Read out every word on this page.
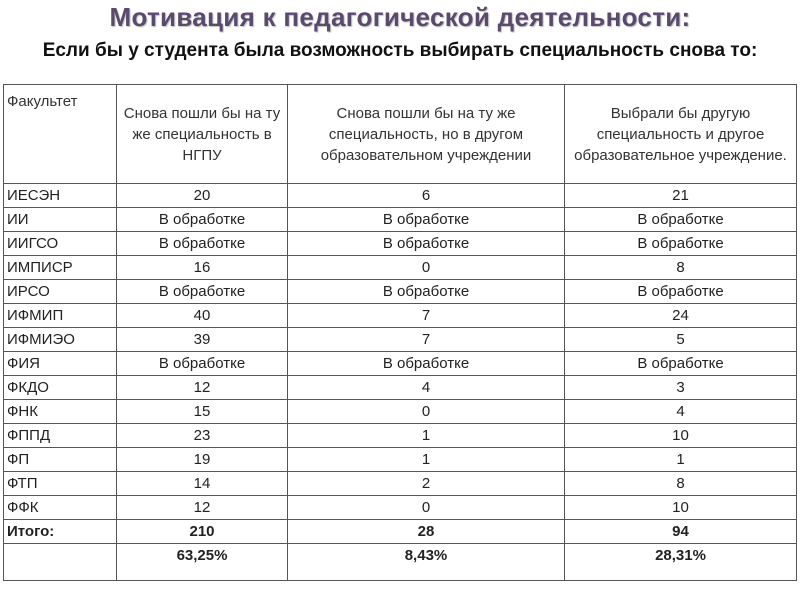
Мотивация к педагогической деятельности:
Если бы у студента была возможность выбирать специальность снова то:
Факультет	Снова пошли бы на ту же специальность в НГПУ	Снова пошли бы на ту же специальность, но в другом образовательном учреждении	Выбрали бы другую специальность и другое образовательное учреждение.
ИЕСЭН	20	6	21
ИИ	В обработке	В обработке	В обработке
ИИГСО	В обработке	В обработке	В обработке
ИМПИСР	16	0	8
ИРСО	В обработке	В обработке	В обработке
ИФМИП	40	7	24
ИФМИЭО	39	7	5
ФИЯ	В обработке	В обработке	В обработке
ФКДО	12	4	3
ФНК	15	0	4
ФППД	23	1	10
ФП	19	1	1
ФТП	14	2	8
ФФК	12	0	10
Итого:	210	28	94
	63,25%	8,43%	28,31%
